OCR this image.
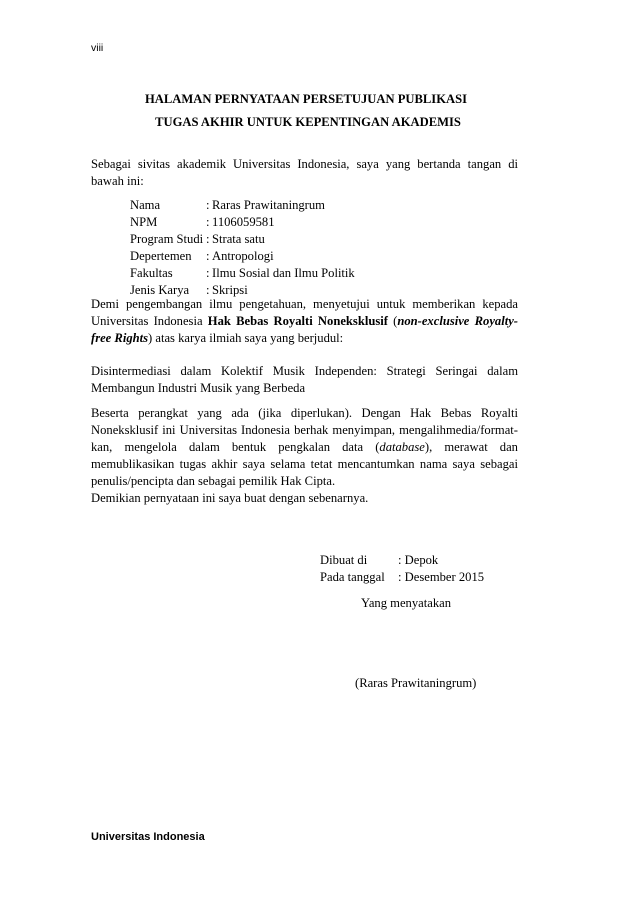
viii
HALAMAN PERNYATAAN PERSETUJUAN PUBLIKASI
TUGAS AKHIR UNTUK KEPENTINGAN AKADEMIS
Sebagai sivitas akademik Universitas Indonesia, saya yang bertanda tangan di bawah ini:
Nama	:	Raras Prawitaningrum
NPM	:	1106059581
Program Studi	:	Strata satu
Depertemen	:	Antropologi
Fakultas	:	Ilmu Sosial dan Ilmu Politik
Jenis Karya	:	Skripsi
Demi pengembangan ilmu pengetahuan, menyetujui untuk memberikan kepada Universitas Indonesia Hak Bebas Royalti Noneksklusif (non-exclusive Royalty-free Rights) atas karya ilmiah saya yang berjudul:
Disintermediasi dalam Kolektif Musik Independen: Strategi Seringai dalam Membangun Industri Musik yang Berbeda
Beserta perangkat yang ada (jika diperlukan). Dengan Hak Bebas Royalti Noneksklusif ini Universitas Indonesia berhak menyimpan, mengalihmedia/format-kan, mengelola dalam bentuk pengkalan data (database), merawat dan memublikasikan tugas akhir saya selama tetat mencantumkan nama saya sebagai penulis/pencipta dan sebagai pemilik Hak Cipta.
Demikian pernyataan ini saya buat dengan sebenarnya.
Dibuat di	: Depok
Pada tanggal	: Desember 2015
Yang menyatakan
(Raras Prawitaningrum)
Universitas Indonesia
